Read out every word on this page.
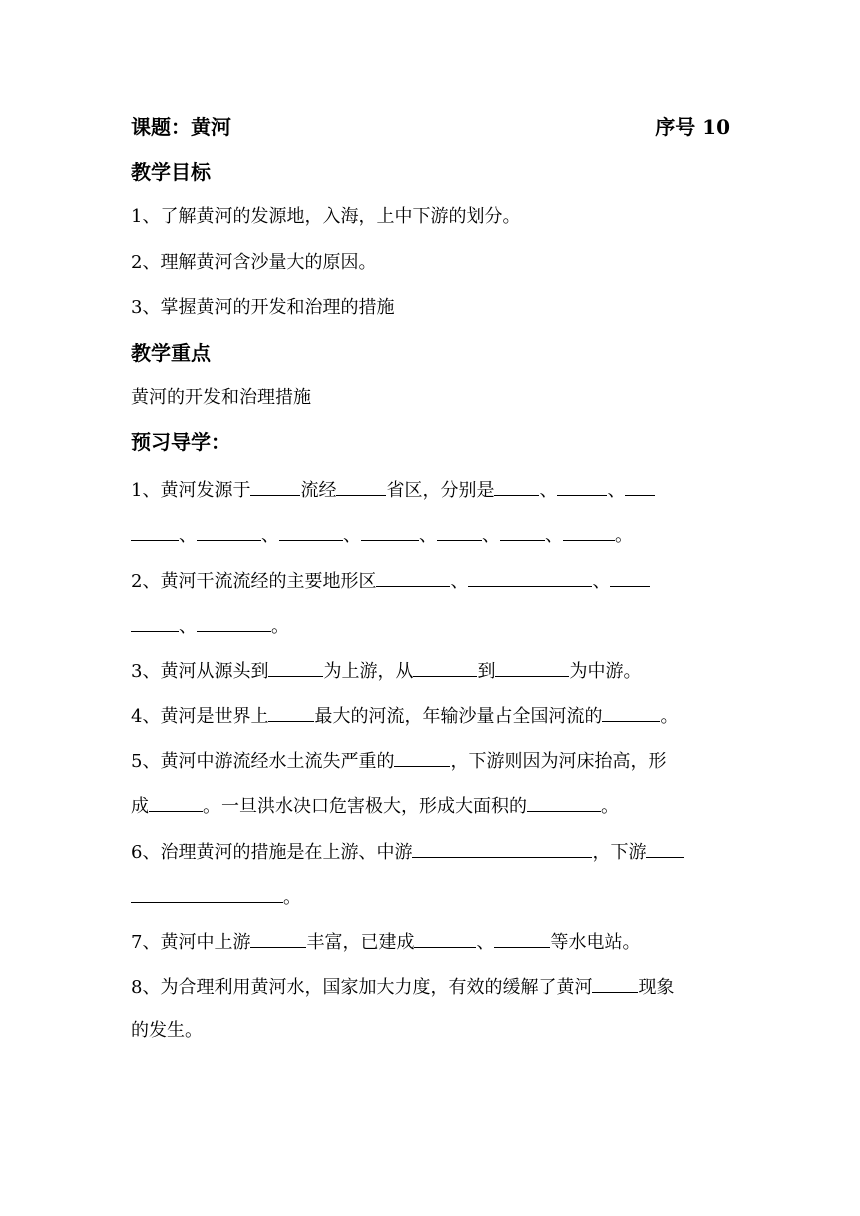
课题：黄河	序号 10
教学目标
1、了解黄河的发源地，入海，上中下游的划分。
2、理解黄河含沙量大的原因。
3、掌握黄河的开发和治理的措施
教学重点
黄河的开发和治理措施
预习导学：
1、黄河发源于	流经	省区，分别是	、	、
、	、	、	、	、	、	。
2、黄河干流流经的主要地形区	、	、
、	。
3、黄河从源头到	为上游，从	到	为中游。
4、黄河是世界上	最大的河流，年输沙量占全国河流的	。
5、黄河中游流经水土流失严重的	，下游则因为河床抬高，形
成	。一旦洪水决口危害极大，形成大面积的	。
6、治理黄河的措施是在上游、中游	，下游
。
7、黄河中上游	丰富，已建成	、	等水电站。
8、为合理利用黄河水，国家加大力度，有效的缓解了黄河	现象
的发生。
